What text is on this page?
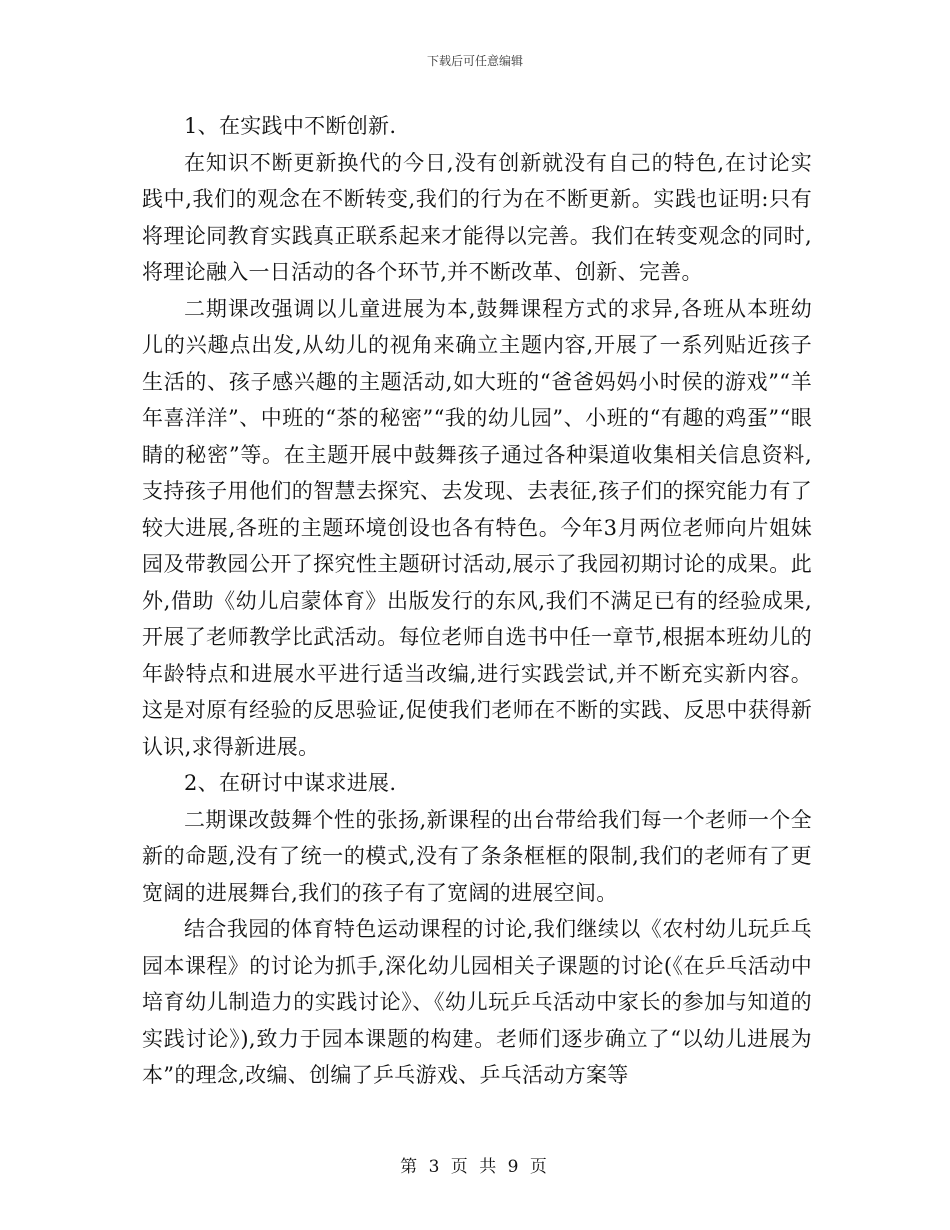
下载后可任意编辑

1、在实践中不断创新.

在知识不断更新换代的今日,没有创新就没有自己的特色,在讨论实践中,我们的观念在不断转变,我们的行为在不断更新。实践也证明:只有将理论同教育实践真正联系起来才能得以完善。我们在转变观念的同时,将理论融入一日活动的各个环节,并不断改革、创新、完善。

二期课改强调以儿童进展为本,鼓舞课程方式的求异,各班从本班幼儿的兴趣点出发,从幼儿的视角来确立主题内容,开展了一系列贴近孩子生活的、孩子感兴趣的主题活动,如大班的“爸爸妈妈小时侯的游戏”“羊年喜洋洋”、中班的“茶的秘密”“我的幼儿园”、小班的“有趣的鸡蛋”“眼睛的秘密”等。在主题开展中鼓舞孩子通过各种渠道收集相关信息资料,支持孩子用他们的智慧去探究、去发现、去表征,孩子们的探究能力有了较大进展,各班的主题环境创设也各有特色。今年3月两位老师向片姐妹园及带教园公开了探究性主题研讨活动,展示了我园初期讨论的成果。此外,借助《幼儿启蒙体育》出版发行的东风,我们不满足已有的经验成果,开展了老师教学比武活动。每位老师自选书中任一章节,根据本班幼儿的年龄特点和进展水平进行适当改编,进行实践尝试,并不断充实新内容。这是对原有经验的反思验证,促使我们老师在不断的实践、反思中获得新认识,求得新进展。

2、在研讨中谋求进展.

二期课改鼓舞个性的张扬,新课程的出台带给我们每一个老师一个全新的命题,没有了统一的模式,没有了条条框框的限制,我们的老师有了更宽阔的进展舞台,我们的孩子有了宽阔的进展空间。

结合我园的体育特色运动课程的讨论,我们继续以《农村幼儿玩乒乓园本课程》的讨论为抓手,深化幼儿园相关子课题的讨论(《在乒乓活动中培育幼儿制造力的实践讨论》、《幼儿玩乒乓活动中家长的参加与知道的实践讨论》),致力于园本课题的构建。老师们逐步确立了“以幼儿进展为本”的理念,改编、创编了乒乓游戏、乒乓活动方案等

第 3 页 共 9 页
